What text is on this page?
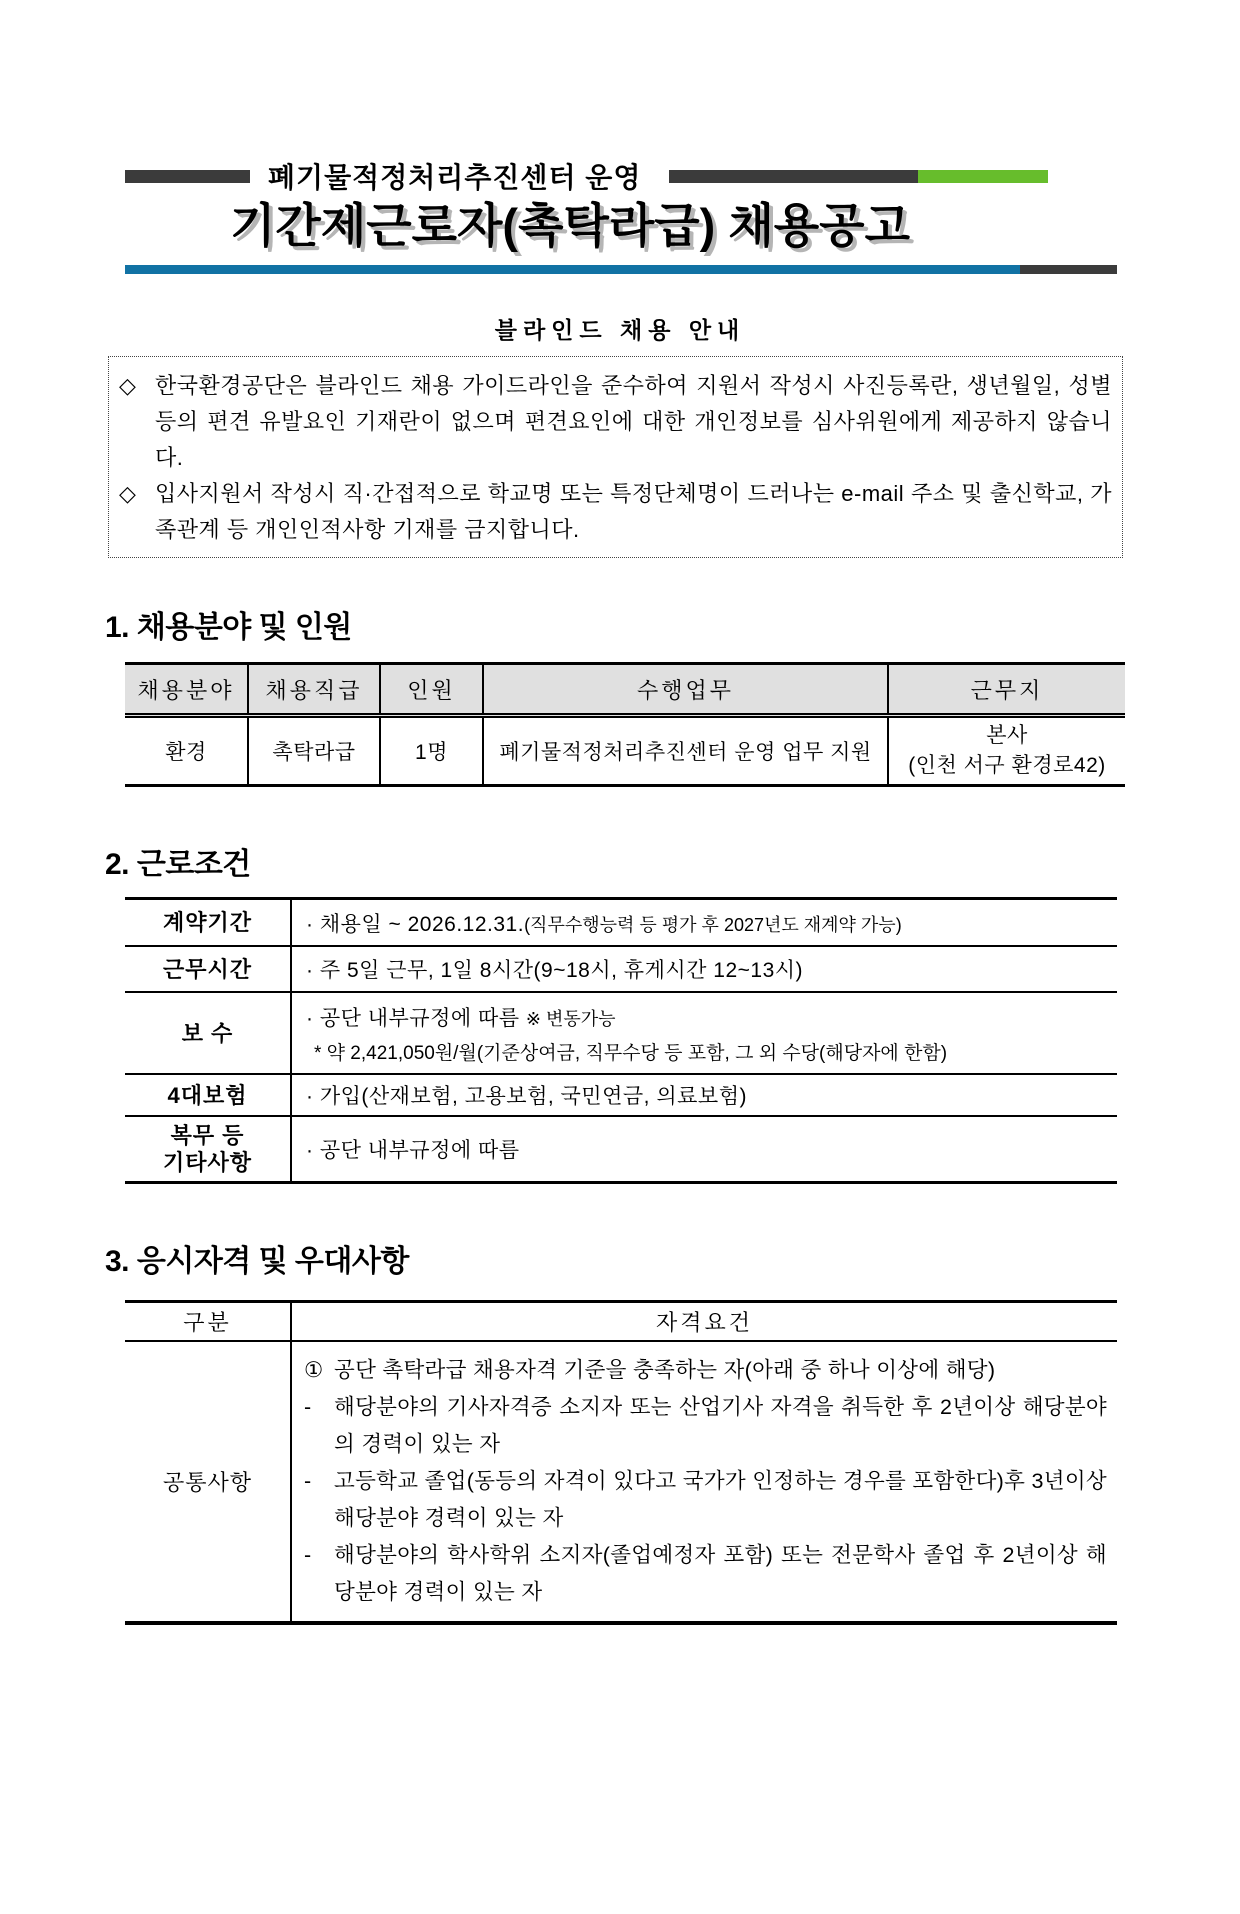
폐기물적정처리추진센터 운영
기간제근로자(촉탁라급) 채용공고
블라인드 채용 안내
◇ 한국환경공단은 블라인드 채용 가이드라인을 준수하여 지원서 작성시 사진등록란, 생년월일, 성별 등의 편견 유발요인 기재란이 없으며 편견요인에 대한 개인정보를 심사위원에게 제공하지 않습니다.

◇ 입사지원서 작성시 직·간접적으로 학교명 또는 특정단체명이 드러나는 e-mail 주소 및 출신학교, 가족관계 등 개인인적사항 기재를 금지합니다.

1. 채용분야 및 인원
채용분야	채용직급	인원	수행업무	근무지
환경	촉탁라급	1명	폐기물적정처리추진센터 운영 업무 지원	본사
(인천 서구 환경로42)
2. 근로조건
계약기간	· 채용일 ~ 2026.12.31.(직무수행능력 등 평가 후 2027년도 재계약 가능)
근무시간	· 주 5일 근무, 1일 8시간(9~18시, 휴게시간 12~13시)
보 수	· 공단 내부규정에 따름 ※ 변동가능
* 약 2,421,050원/월(기준상여금, 직무수당 등 포함, 그 외 수당(해당자에 한함)

4대보험	· 가입(산재보험, 고용보험, 국민연금, 의료보험)

복무 등
기타사항	· 공단 내부규정에 따름
3. 응시자격 및 우대사항
구분	자격요건
공통사항	
① 공단 촉탁라급 채용자격 기준을 충족하는 자(아래 중 하나 이상에 해당)

-	해당분야의 기사자격증 소지자 또는 산업기사 자격을 취득한 후 2년이상 해당분야의 경력이 있는 자

-	고등학교 졸업(동등의 자격이 있다고 국가가 인정하는 경우를 포함한다)후 3년이상 해당분야 경력이 있는 자

-	해당분야의 학사학위 소지자(졸업예정자 포함) 또는 전문학사 졸업 후 2년이상 해당분야 경력이 있는 자
